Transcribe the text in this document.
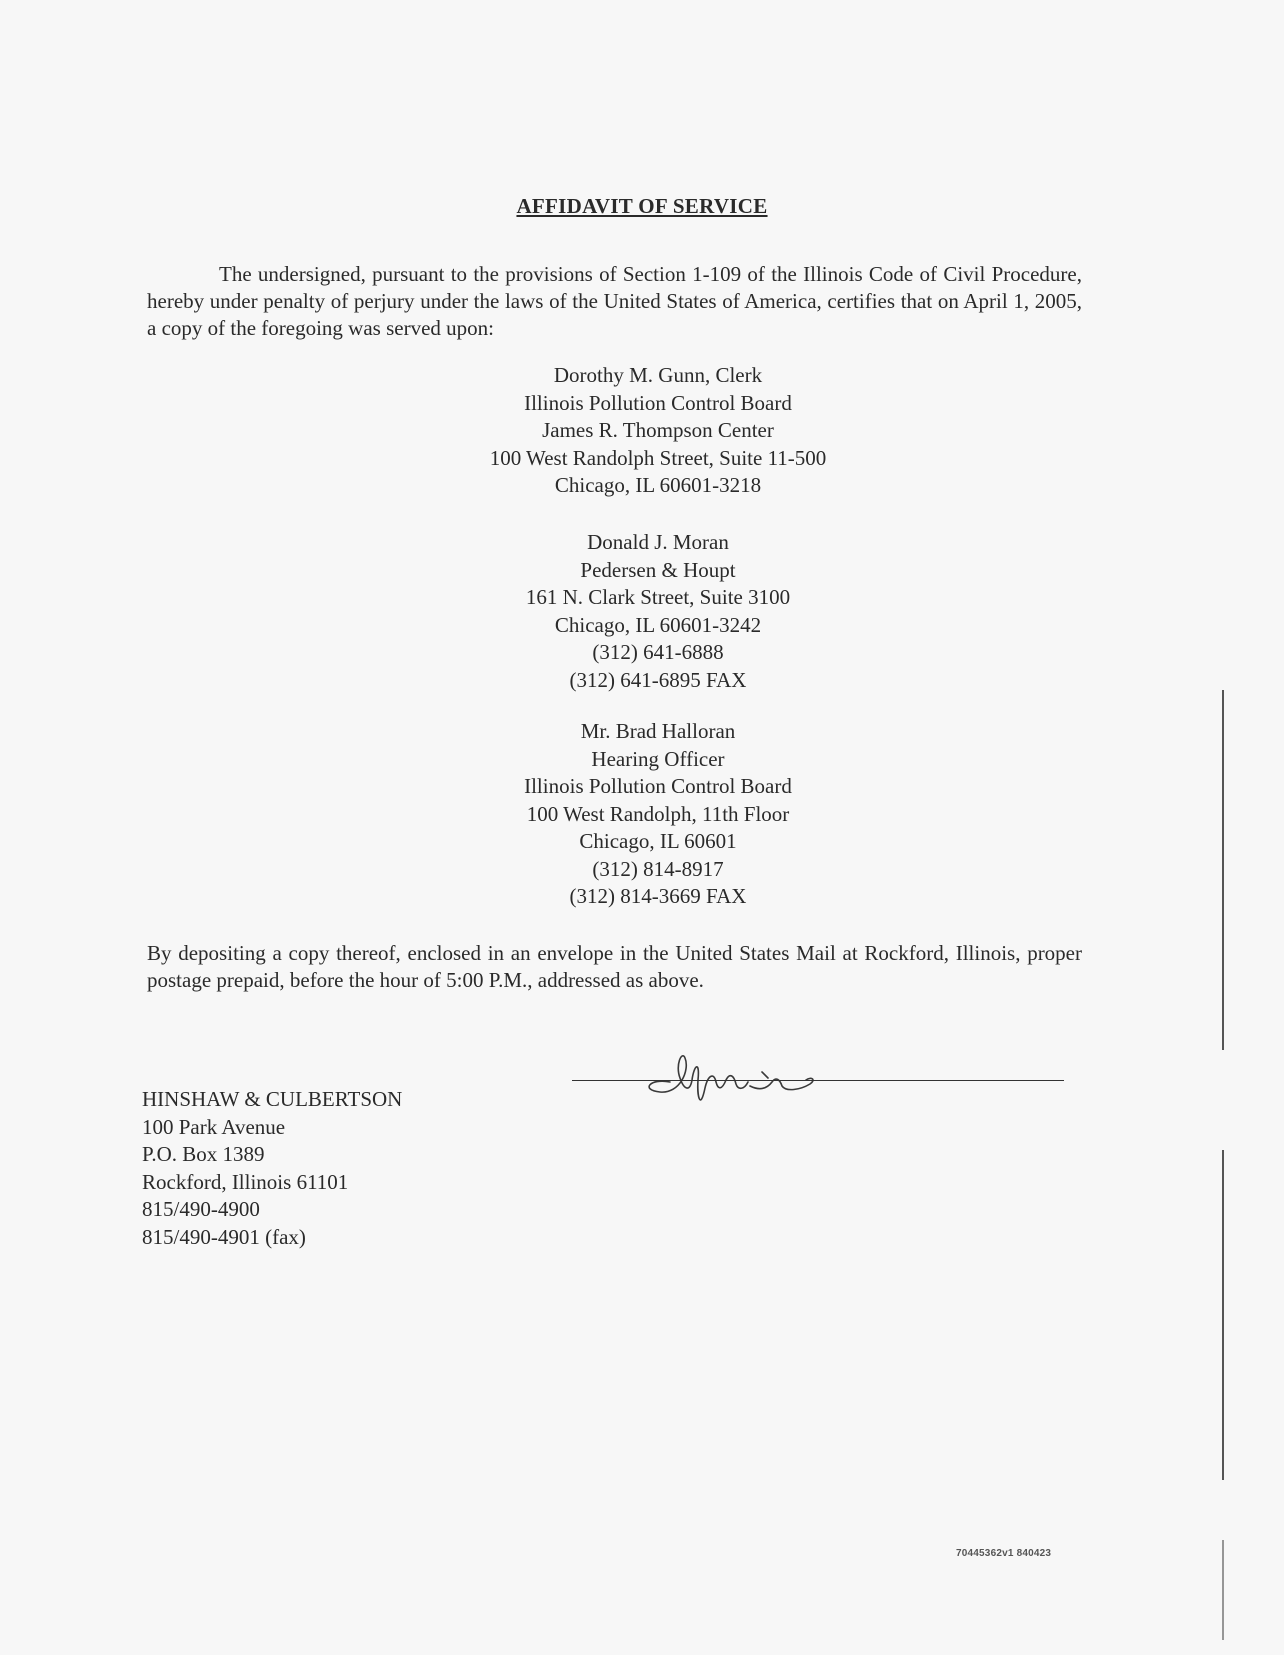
AFFIDAVIT OF SERVICE
The undersigned, pursuant to the provisions of Section 1-109 of the Illinois Code of Civil Procedure, hereby under penalty of perjury under the laws of the United States of America, certifies that on April 1, 2005, a copy of the foregoing was served upon:
Dorothy M. Gunn, Clerk
Illinois Pollution Control Board
James R. Thompson Center
100 West Randolph Street, Suite 11-500
Chicago, IL 60601-3218
Donald J. Moran
Pedersen & Houpt
161 N. Clark Street, Suite 3100
Chicago, IL 60601-3242
(312) 641-6888
(312) 641-6895 FAX
Mr. Brad Halloran
Hearing Officer
Illinois Pollution Control Board
100 West Randolph, 11th Floor
Chicago, IL 60601
(312) 814-8917
(312) 814-3669 FAX
By depositing a copy thereof, enclosed in an envelope in the United States Mail at Rockford, Illinois, proper postage prepaid, before the hour of 5:00 P.M., addressed as above.
HINSHAW & CULBERTSON
100 Park Avenue
P.O. Box 1389
Rockford, Illinois 61101
815/490-4900
815/490-4901 (fax)
70445362v1 840423
